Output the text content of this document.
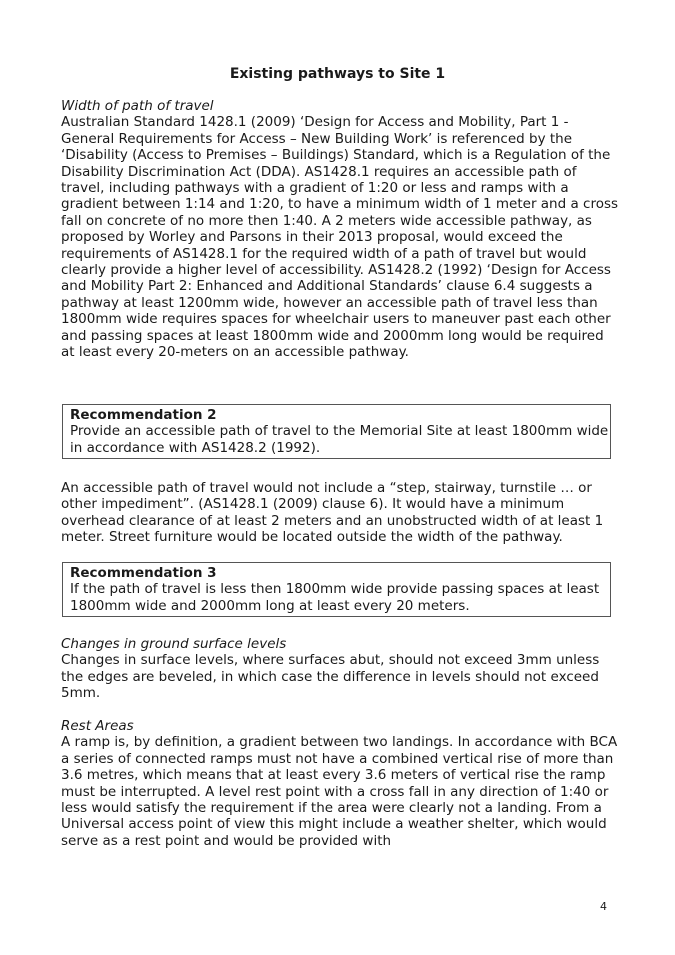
Existing pathways to Site 1

Width of path of travel

Australian Standard 1428.1 (2009) ‘Design for Access and Mobility, Part 1 - General Requirements for Access – New Building Work’ is referenced by the ‘Disability (Access to Premises – Buildings) Standard, which is a Regulation of the Disability Discrimination Act (DDA). AS1428.1 requires an accessible path of travel, including pathways with a gradient of 1:20 or less and ramps with a gradient between 1:14 and 1:20, to have a minimum width of 1 meter and a cross fall on concrete of no more then 1:40. A 2 meters wide accessible pathway, as proposed by Worley and Parsons in their 2013 proposal, would exceed the requirements of AS1428.1 for the required width of a path of travel but would clearly provide a higher level of accessibility. AS1428.2 (1992) ‘Design for Access and Mobility Part 2: Enhanced and Additional Standards’ clause 6.4 suggests a pathway at least 1200mm wide, however an accessible path of travel less than 1800mm wide requires spaces for wheelchair users to maneuver past each other and passing spaces at least 1800mm wide and 2000mm long would be required at least every 20-meters on an accessible pathway.

Recommendation 2
Provide an accessible path of travel to the Memorial Site at least 1800mm wide in accordance with AS1428.2 (1992).

An accessible path of travel would not include a “step, stairway, turnstile … or other impediment”. (AS1428.1 (2009) clause 6). It would have a minimum overhead clearance of at least 2 meters and an unobstructed width of at least 1 meter. Street furniture would be located outside the width of the pathway.

Recommendation 3
If the path of travel is less then 1800mm wide provide passing spaces at least 1800mm wide and 2000mm long at least every 20 meters.

Changes in ground surface levels

Changes in surface levels, where surfaces abut, should not exceed 3mm unless the edges are beveled, in which case the difference in levels should not exceed 5mm.

Rest Areas

A ramp is, by definition, a gradient between two landings. In accordance with BCA a series of connected ramps must not have a combined vertical rise of more than 3.6 metres, which means that at least every 3.6 meters of vertical rise the ramp must be interrupted. A level rest point with a cross fall in any direction of 1:40 or less would satisfy the requirement if the area were clearly not a landing. From a Universal access point of view this might include a weather shelter, which would serve as a rest point and would be provided with

4
